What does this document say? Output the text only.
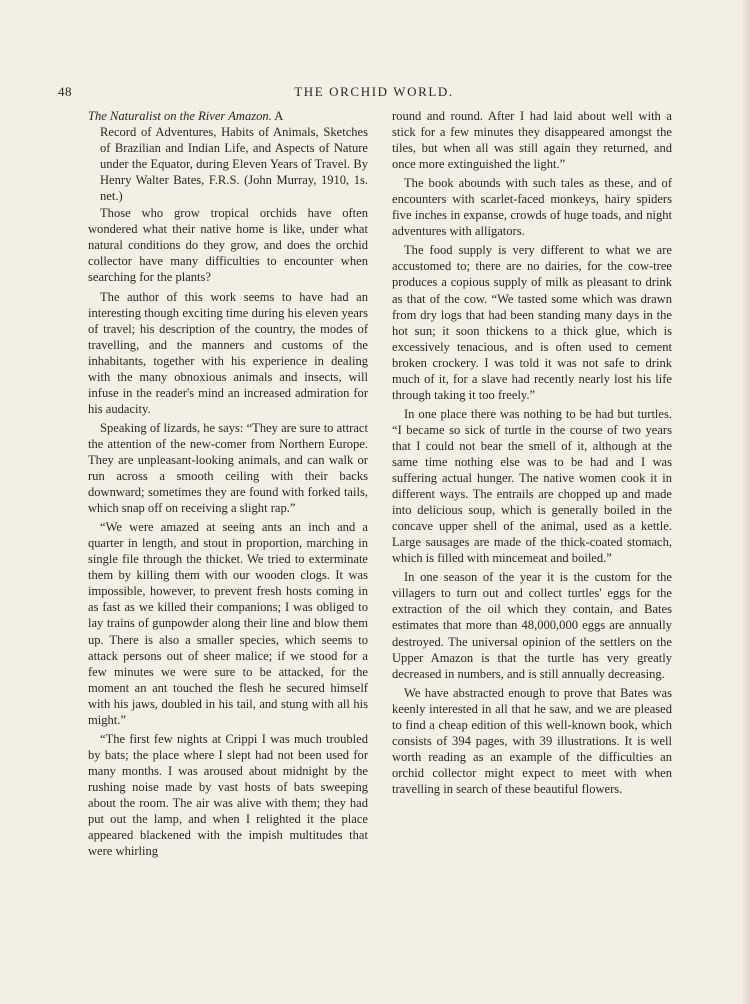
48	THE ORCHID WORLD.

The Naturalist on the River Amazon. A

Record of Adventures, Habits of Animals, Sketches of Brazilian and Indian Life, and Aspects of Nature under the Equator, during Eleven Years of Travel. By Henry Walter Bates, F.R.S. (John Murray, 1910, 1s. net.)

Those who grow tropical orchids have often wondered what their native home is like, under what natural conditions do they grow, and does the orchid collector have many difficulties to encounter when searching for the plants?

The author of this work seems to have had an interesting though exciting time during his eleven years of travel; his description of the country, the modes of travelling, and the manners and customs of the inhabitants, together with his experience in dealing with the many obnoxious animals and insects, will infuse in the reader's mind an increased admiration for his audacity.

Speaking of lizards, he says: “They are sure to attract the attention of the new-comer from Northern Europe. They are unpleasant-looking animals, and can walk or run across a smooth ceiling with their backs downward; sometimes they are found with forked tails, which snap off on receiving a slight rap.”

“We were amazed at seeing ants an inch and a quarter in length, and stout in proportion, marching in single file through the thicket. We tried to exterminate them by killing them with our wooden clogs. It was impossible, however, to prevent fresh hosts coming in as fast as we killed their companions; I was obliged to lay trains of gunpowder along their line and blow them up. There is also a smaller species, which seems to attack persons out of sheer malice; if we stood for a few minutes we were sure to be attacked, for the moment an ant touched the flesh he secured himself with his jaws, doubled in his tail, and stung with all his might.”

“The first few nights at Crippi I was much troubled by bats; the place where I slept had not been used for many months. I was aroused about midnight by the rushing noise made by vast hosts of bats sweeping about the room. The air was alive with them; they had put out the lamp, and when I relighted it the place appeared blackened with the impish multitudes that were whirling

round and round. After I had laid about well with a stick for a few minutes they disappeared amongst the tiles, but when all was still again they returned, and once more extinguished the light.”

The book abounds with such tales as these, and of encounters with scarlet-faced monkeys, hairy spiders five inches in expanse, crowds of huge toads, and night adventures with alligators.

The food supply is very different to what we are accustomed to; there are no dairies, for the cow-tree produces a copious supply of milk as pleasant to drink as that of the cow. “We tasted some which was drawn from dry logs that had been standing many days in the hot sun; it soon thickens to a thick glue, which is excessively tenacious, and is often used to cement broken crockery. I was told it was not safe to drink much of it, for a slave had recently nearly lost his life through taking it too freely.”

In one place there was nothing to be had but turtles. “I became so sick of turtle in the course of two years that I could not bear the smell of it, although at the same time nothing else was to be had and I was suffering actual hunger. The native women cook it in different ways. The entrails are chopped up and made into delicious soup, which is generally boiled in the concave upper shell of the animal, used as a kettle. Large sausages are made of the thick-coated stomach, which is filled with mincemeat and boiled.”

In one season of the year it is the custom for the villagers to turn out and collect turtles' eggs for the extraction of the oil which they contain, and Bates estimates that more than 48,000,000 eggs are annually destroyed. The universal opinion of the settlers on the Upper Amazon is that the turtle has very greatly decreased in numbers, and is still annually decreasing.

We have abstracted enough to prove that Bates was keenly interested in all that he saw, and we are pleased to find a cheap edition of this well-known book, which consists of 394 pages, with 39 illustrations. It is well worth reading as an example of the difficulties an orchid collector might expect to meet with when travelling in search of these beautiful flowers.
